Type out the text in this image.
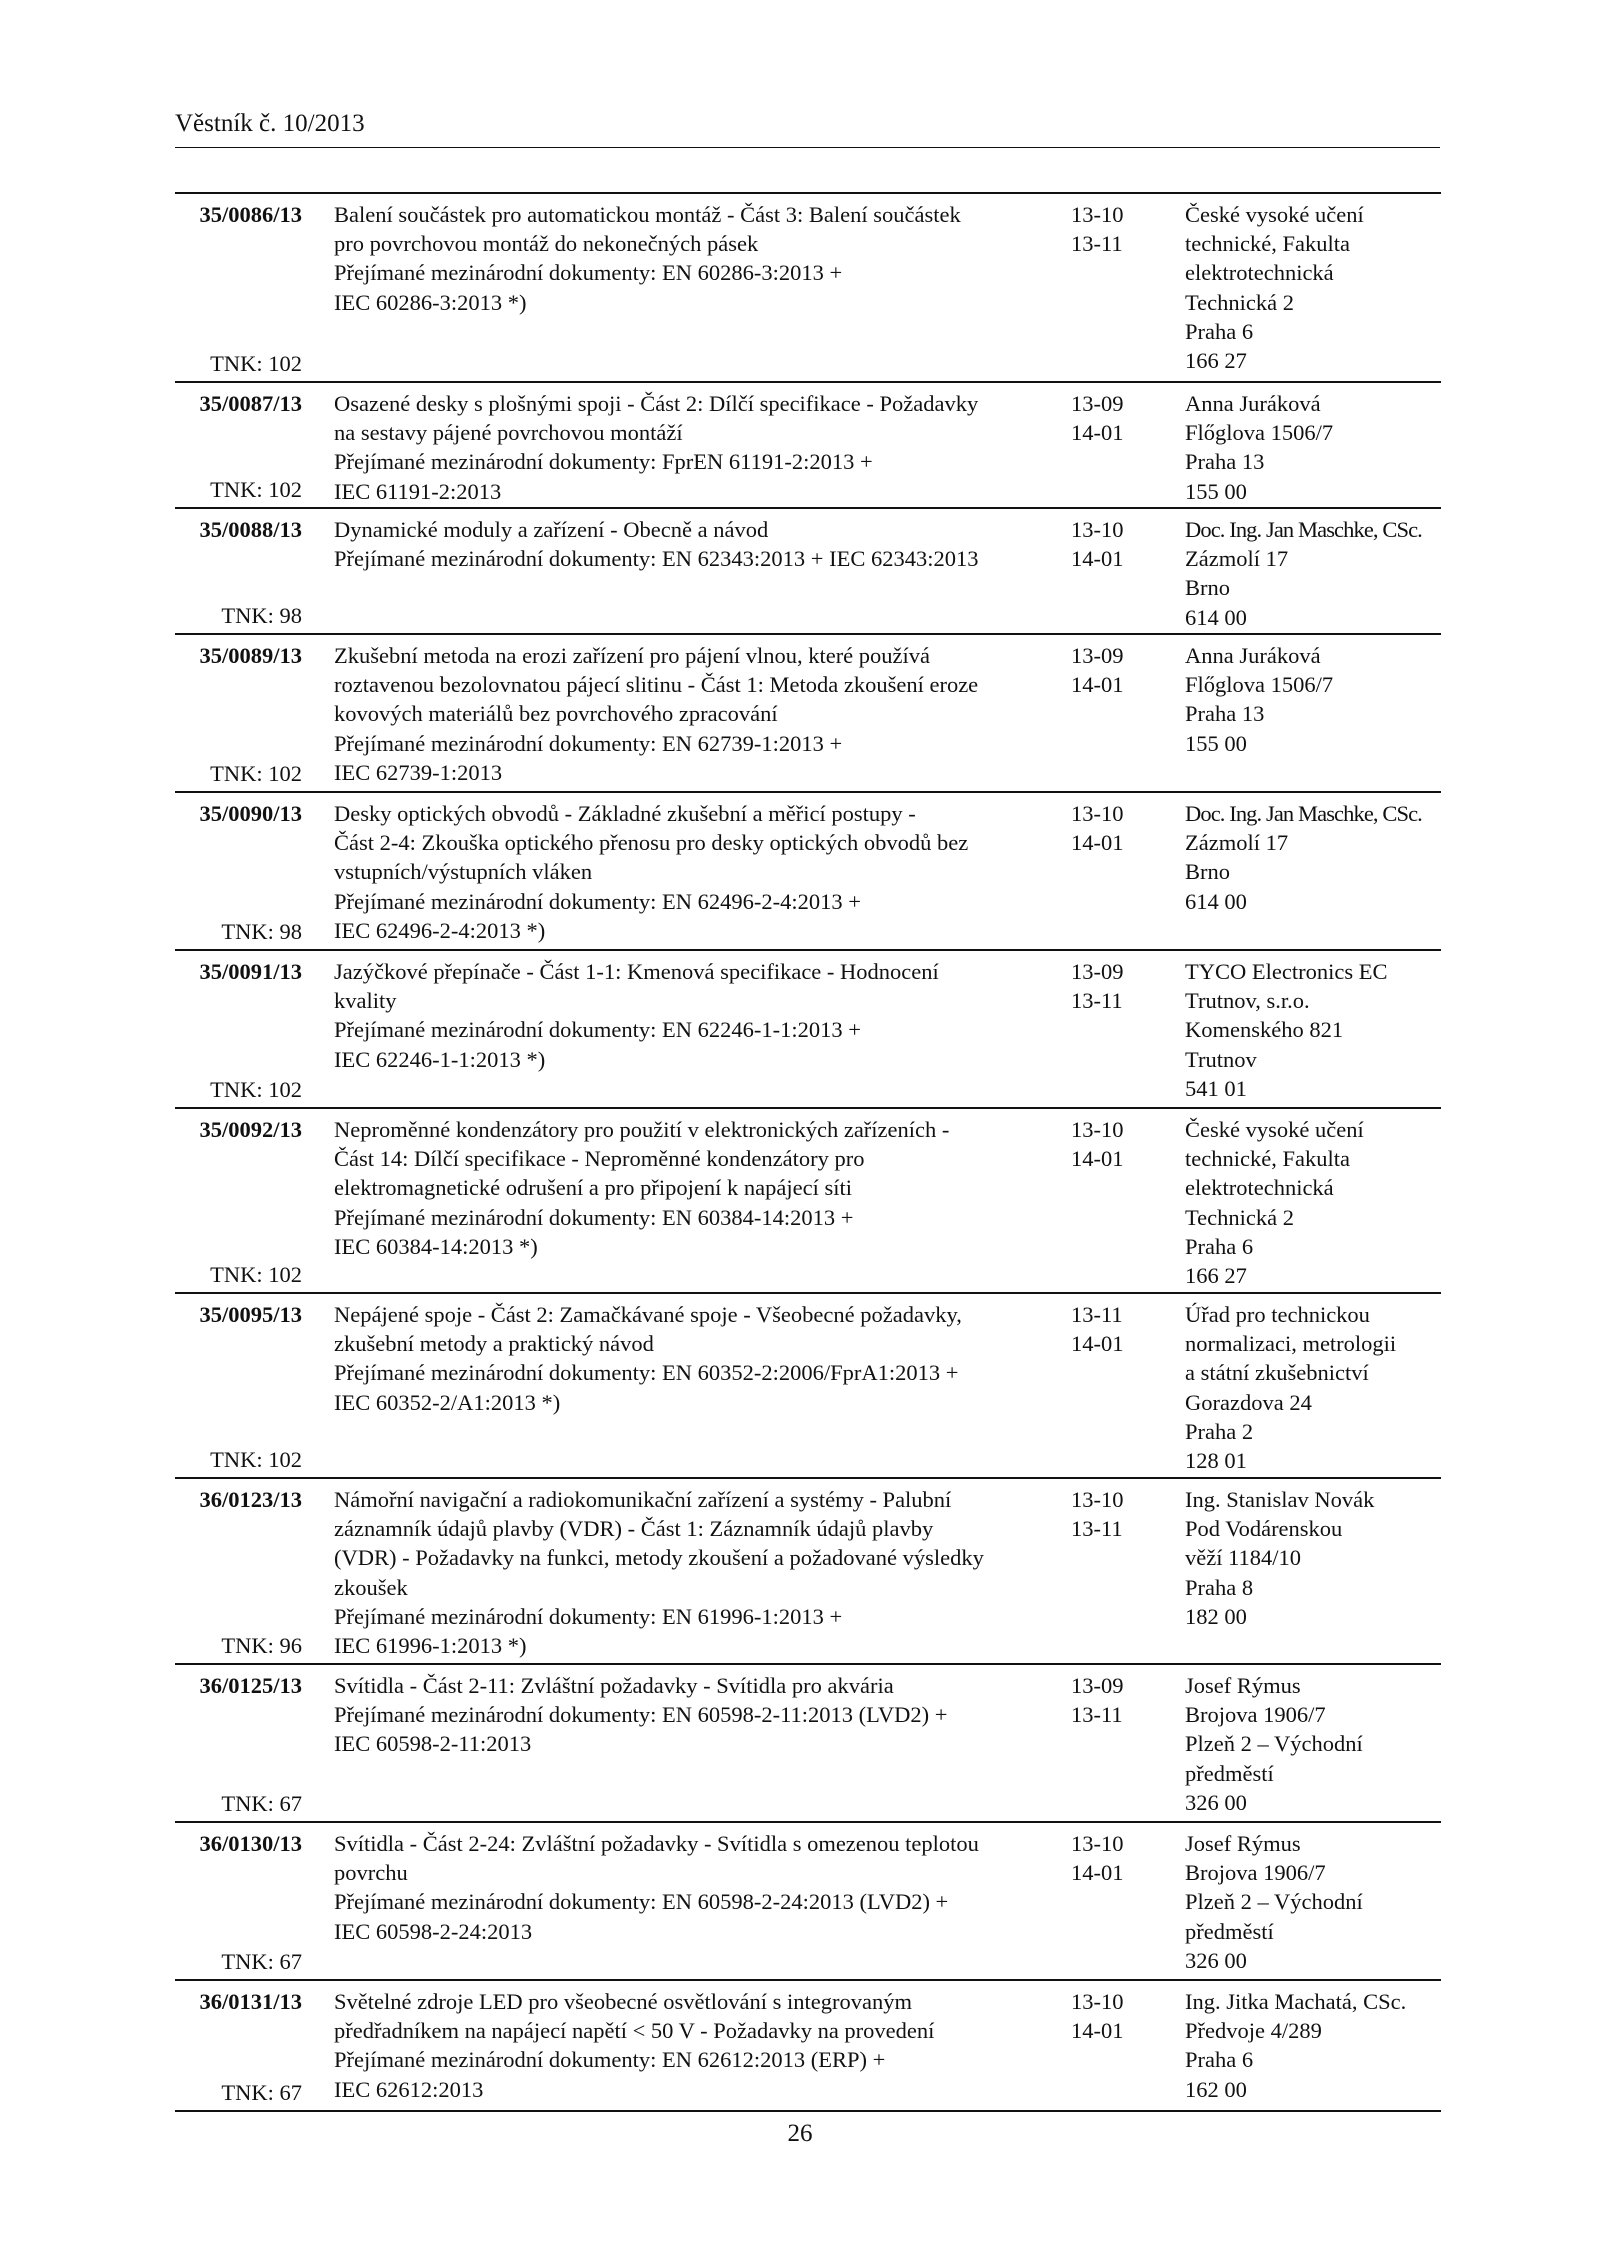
Věstník č. 10/2013
35/0086/13
TNK: 102
Balení součástek pro automatickou montáž - Část 3: Balení součástek
pro povrchovou montáž do nekonečných pásek
Přejímané mezinárodní dokumenty: EN 60286-3:2013 +
IEC 60286-3:2013 *)
13-10
13-11
České vysoké učení
technické, Fakulta
elektrotechnická
Technická 2
Praha 6
166 27
35/0087/13
TNK: 102
Osazené desky s plošnými spoji - Část 2: Dílčí specifikace - Požadavky
na sestavy pájené povrchovou montáží
Přejímané mezinárodní dokumenty: FprEN 61191-2:2013 +
IEC 61191-2:2013
13-09
14-01
Anna Juráková
Flőglova 1506/7
Praha 13
155 00
35/0088/13
TNK: 98
Dynamické moduly a zařízení - Obecně a návod
Přejímané mezinárodní dokumenty: EN 62343:2013 + IEC 62343:2013
13-10
14-01
Doc. Ing. Jan Maschke, CSc.
Zázmolí 17
Brno
614 00
35/0089/13
TNK: 102
Zkušební metoda na erozi zařízení pro pájení vlnou, které používá
roztavenou bezolovnatou pájecí slitinu - Část 1: Metoda zkoušení eroze
kovových materiálů bez povrchového zpracování
Přejímané mezinárodní dokumenty: EN 62739-1:2013 +
IEC 62739-1:2013
13-09
14-01
Anna Juráková
Flőglova 1506/7
Praha 13
155 00
35/0090/13
TNK: 98
Desky optických obvodů - Základné zkušební a měřicí postupy -
Část 2-4: Zkouška optického přenosu pro desky optických obvodů bez
vstupních/výstupních vláken
Přejímané mezinárodní dokumenty: EN 62496-2-4:2013 +
IEC 62496-2-4:2013 *)
13-10
14-01
Doc. Ing. Jan Maschke, CSc.
Zázmolí 17
Brno
614 00
35/0091/13
TNK: 102
Jazýčkové přepínače - Část 1-1: Kmenová specifikace - Hodnocení
kvality
Přejímané mezinárodní dokumenty: EN 62246-1-1:2013 +
IEC 62246-1-1:2013 *)
13-09
13-11
TYCO Electronics EC
Trutnov, s.r.o.
Komenského 821
Trutnov
541 01
35/0092/13
TNK: 102
Neproměnné kondenzátory pro použití v elektronických zařízeních -
Část 14: Dílčí specifikace - Neproměnné kondenzátory pro
elektromagnetické odrušení a pro připojení k napájecí síti
Přejímané mezinárodní dokumenty: EN 60384-14:2013 +
IEC 60384-14:2013 *)
13-10
14-01
České vysoké učení
technické, Fakulta
elektrotechnická
Technická 2
Praha 6
166 27
35/0095/13
TNK: 102
Nepájené spoje - Část 2: Zamačkávané spoje - Všeobecné požadavky,
zkušební metody a praktický návod
Přejímané mezinárodní dokumenty: EN 60352-2:2006/FprA1:2013 +
IEC 60352-2/A1:2013 *)
13-11
14-01
Úřad pro technickou
normalizaci, metrologii
a státní zkušebnictví
Gorazdova 24
Praha 2
128 01
36/0123/13
TNK: 96
Námořní navigační a radiokomunikační zařízení a systémy - Palubní
záznamník údajů plavby (VDR) - Část 1: Záznamník údajů plavby
(VDR) - Požadavky na funkci, metody zkoušení a požadované výsledky
zkoušek
Přejímané mezinárodní dokumenty: EN 61996-1:2013 +
IEC 61996-1:2013 *)
13-10
13-11
Ing. Stanislav Novák
Pod Vodárenskou
věží 1184/10
Praha 8
182 00
36/0125/13
TNK: 67
Svítidla - Část 2-11: Zvláštní požadavky - Svítidla pro akvária
Přejímané mezinárodní dokumenty: EN 60598-2-11:2013 (LVD2) +
IEC 60598-2-11:2013
13-09
13-11
Josef Rýmus
Brojova 1906/7
Plzeň 2 – Východní
předměstí
326 00
36/0130/13
TNK: 67
Svítidla - Část 2-24: Zvláštní požadavky - Svítidla s omezenou teplotou
povrchu
Přejímané mezinárodní dokumenty: EN 60598-2-24:2013 (LVD2) +
IEC 60598-2-24:2013
13-10
14-01
Josef Rýmus
Brojova 1906/7
Plzeň 2 – Východní
předměstí
326 00
36/0131/13
TNK: 67
Světelné zdroje LED pro všeobecné osvětlování s integrovaným
předřadníkem na napájecí napětí < 50 V - Požadavky na provedení
Přejímané mezinárodní dokumenty: EN 62612:2013 (ERP) +
IEC 62612:2013
13-10
14-01
Ing. Jitka Machatá, CSc.
Předvoje 4/289
Praha 6
162 00
26
